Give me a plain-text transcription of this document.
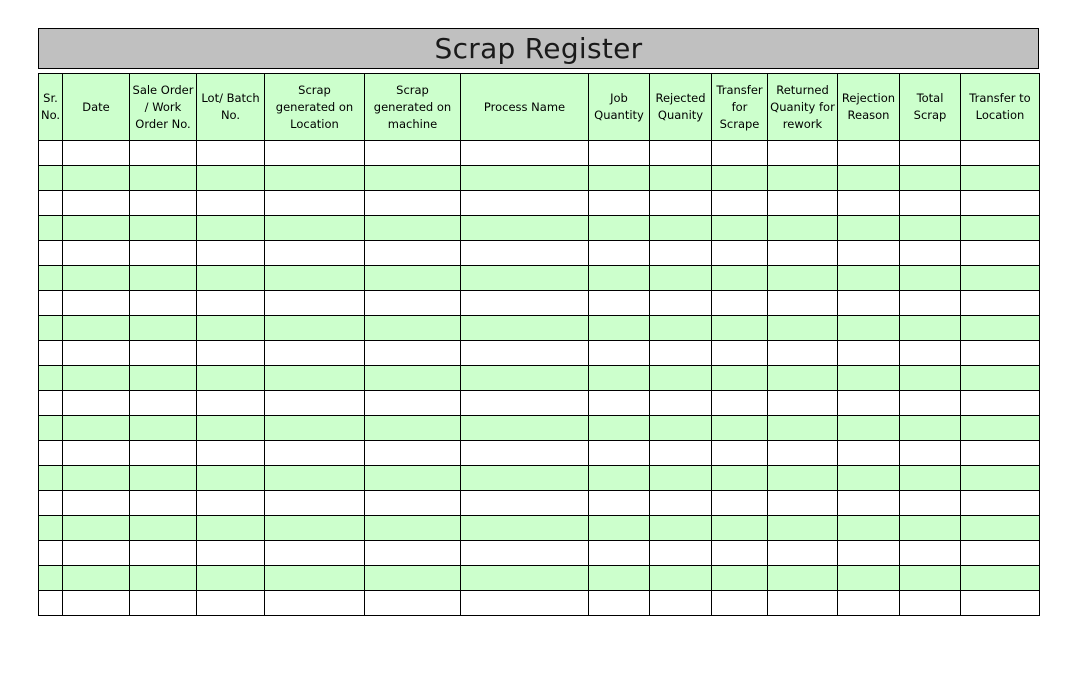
Scrap Register
Sr. No.	Date	Sale Order / Work Order No.	Lot/ Batch No.	Scrap generated on Location	Scrap generated on machine	Process Name	Job Quantity	Rejected Quanity	Transfer for Scrape	Returned Quanity for rework	Rejection Reason	Total Scrap	Transfer to Location
